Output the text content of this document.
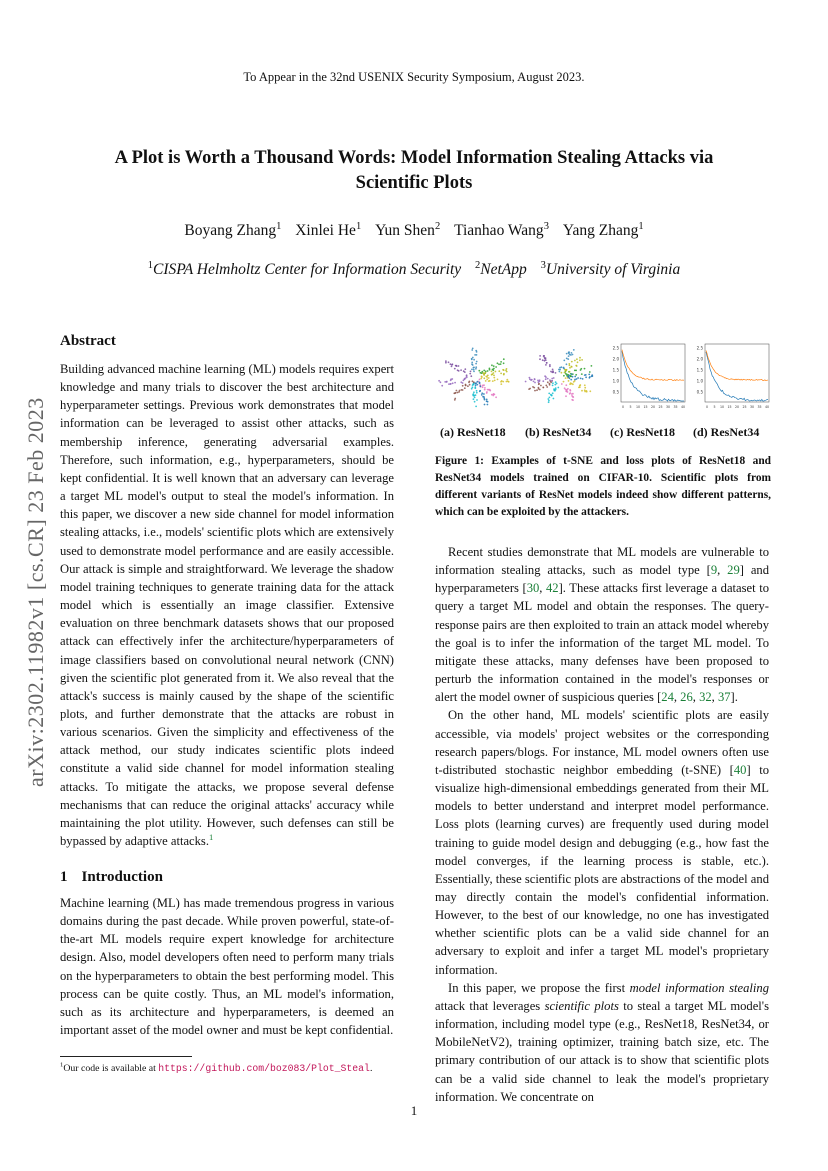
To Appear in the 32nd USENIX Security Symposium, August 2023.
A Plot is Worth a Thousand Words: Model Information Stealing Attacks via
Scientific Plots
Boyang Zhang$^1$ Xinlei He$^1$ Yun Shen$^2$ Tianhao Wang$^3$ Yang Zhang$^1$
$^1$CISPA Helmholtz Center for Information Security $^2$NetApp $^3$University of Virginia
arXiv:2302.11982v1 [cs.CR] 23 Feb 2023
Abstract

Building advanced machine learning (ML) models requires expert knowledge and many trials to discover the best architecture and hyperparameter settings. Previous work demonstrates that model information can be leveraged to assist other attacks, such as membership inference, generating adversarial examples. Therefore, such information, e.g., hyperparameters, should be kept confidential. It is well known that an adversary can leverage a target ML model's output to steal the model's information. In this paper, we discover a new side channel for model information stealing attacks, i.e., models' scientific plots which are extensively used to demonstrate model performance and are easily accessible. Our attack is simple and straightforward. We leverage the shadow model training techniques to generate training data for the attack model which is essentially an image classifier. Extensive evaluation on three benchmark datasets shows that our proposed attack can effectively infer the architecture/hyperparameters of image classifiers based on convolutional neural network (CNN) given the scientific plot generated from it. We also reveal that the attack's success is mainly caused by the shape of the scientific plots, and further demonstrate that the attacks are robust in various scenarios. Given the simplicity and effectiveness of the attack method, our study indicates scientific plots indeed constitute a valid side channel for model information stealing attacks. To mitigate the attacks, we propose several defense mechanisms that can reduce the original attacks' accuracy while maintaining the plot utility. However, such defenses can still be bypassed by adaptive attacks.$^1$

1 Introduction

Machine learning (ML) has made tremendous progress in various domains during the past decade. While proven powerful, state-of-the-art ML models require expert knowledge for architecture design. Also, model developers often need to perform many trials on the hyperparameters to obtain the best performing model. This process can be quite costly. Thus, an ML model's information, such as its architecture and hyperparameters, is deemed an important asset of the model owner and must be kept confidential.

$^1$Our code is available at https://github.com/boz083/Plot_Steal.
2.5
2.0
1.5
1.0
0.5
0 5 10 15 20 25 30 35 40
2.5
2.0
1.5
1.0
0.5
0 5 10 15 20 25 30 35 40
(a) ResNet18 (b) ResNet34 (c) ResNet18 (d) ResNet34
Figure 1: Examples of t-SNE and loss plots of ResNet18 and ResNet34 models trained on CIFAR-10. Scientific plots from different variants of ResNet models indeed show different patterns, which can be exploited by the attackers.

Recent studies demonstrate that ML models are vulnerable to information stealing attacks, such as model type [9, 29] and hyperparameters [30, 42]. These attacks first leverage a dataset to query a target ML model and obtain the responses. The query-response pairs are then exploited to train an attack model whereby the goal is to infer the information of the target ML model. To mitigate these attacks, many defenses have been proposed to perturb the information contained in the model's responses or alert the model owner of suspicious queries [24, 26, 32, 37].

On the other hand, ML models' scientific plots are easily accessible, via models' project websites or the corresponding research papers/blogs. For instance, ML model owners often use t-distributed stochastic neighbor embedding (t-SNE) [40] to visualize high-dimensional embeddings generated from their ML models to better understand and interpret model performance. Loss plots (learning curves) are frequently used during model training to guide model design and debugging (e.g., how fast the model converges, if the learning process is stable, etc.). Essentially, these scientific plots are abstractions of the model and may directly contain the model's confidential information. However, to the best of our knowledge, no one has investigated whether scientific plots can be a valid side channel for an adversary to exploit and infer a target ML model's proprietary information.

In this paper, we propose the first model information stealing attack that leverages scientific plots to steal a target ML model's information, including model type (e.g., ResNet18, ResNet34, or MobileNetV2), training optimizer, training batch size, etc. The primary contribution of our attack is to show that scientific plots can be a valid side channel to leak the model's proprietary information. We concentrate on

1
